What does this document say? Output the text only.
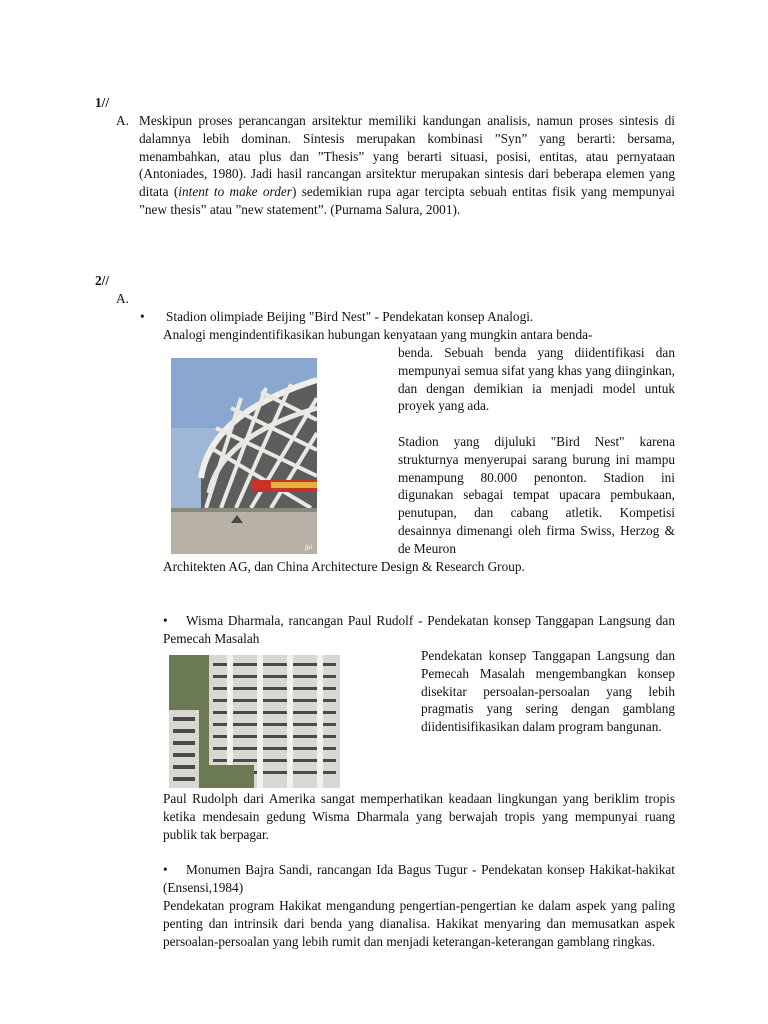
1//
A. Meskipun proses perancangan arsitektur memiliki kandungan analisis, namun proses sintesis di dalamnya lebih dominan. Sintesis merupakan kombinasi ”Syn” yang berarti: bersama, menambahkan, atau plus dan ”Thesis” yang berarti situasi, posisi, entitas, atau pernyataan (Antoniades, 1980). Jadi hasil rancangan arsitektur merupakan sintesis dari beberapa elemen yang ditata (intent to make order) sedemikian rupa agar tercipta sebuah entitas fisik yang mempunyai ”new thesis” atau ”new statement”. (Purnama Salura, 2001).
2//
A.
•	Stadion olimpiade Beijing "Bird Nest" - Pendekatan konsep Analogi.
Analogi mengindentifikasikan hubungan kenyataan yang mungkin antara benda-
jpi
benda. Sebuah benda yang diidentifikasi dan mempunyai semua sifat yang khas yang diinginkan, dan dengan demikian ia menjadi model untuk proyek yang ada.
Stadion yang dijuluki "Bird Nest" karena strukturnya menyerupai sarang burung ini mampu menampung 80.000 penonton. Stadion ini digunakan sebagai tempat upacara pembukaan, penutupan, dan cabang atletik. Kompetisi desainnya dimenangi oleh firma Swiss, Herzog & de Meuron
Architekten AG, dan China Architecture Design & Research Group.
•	Wisma Dharmala, rancangan Paul Rudolf - Pendekatan konsep Tanggapan Langsung dan Pemecah Masalah
Pendekatan konsep Tanggapan Langsung dan Pemecah Masalah mengembangkan konsep disekitar persoalan-persoalan yang lebih pragmatis yang sering dengan gamblang diidentisifikasikan dalam program bangunan.
Paul Rudolph dari Amerika sangat memperhatikan keadaan lingkungan yang beriklim tropis ketika mendesain gedung Wisma Dharmala yang berwajah tropis yang mempunyai ruang publik tak berpagar.
•	Monumen Bajra Sandi, rancangan Ida Bagus Tugur - Pendekatan konsep Hakikat-hakikat (Ensensi,1984)
Pendekatan program Hakikat mengandung pengertian-pengertian ke dalam aspek yang paling penting dan intrinsik dari benda yang dianalisa. Hakikat menyaring dan memusatkan aspek persoalan-persoalan yang lebih rumit dan menjadi keterangan-keterangan gamblang ringkas.
